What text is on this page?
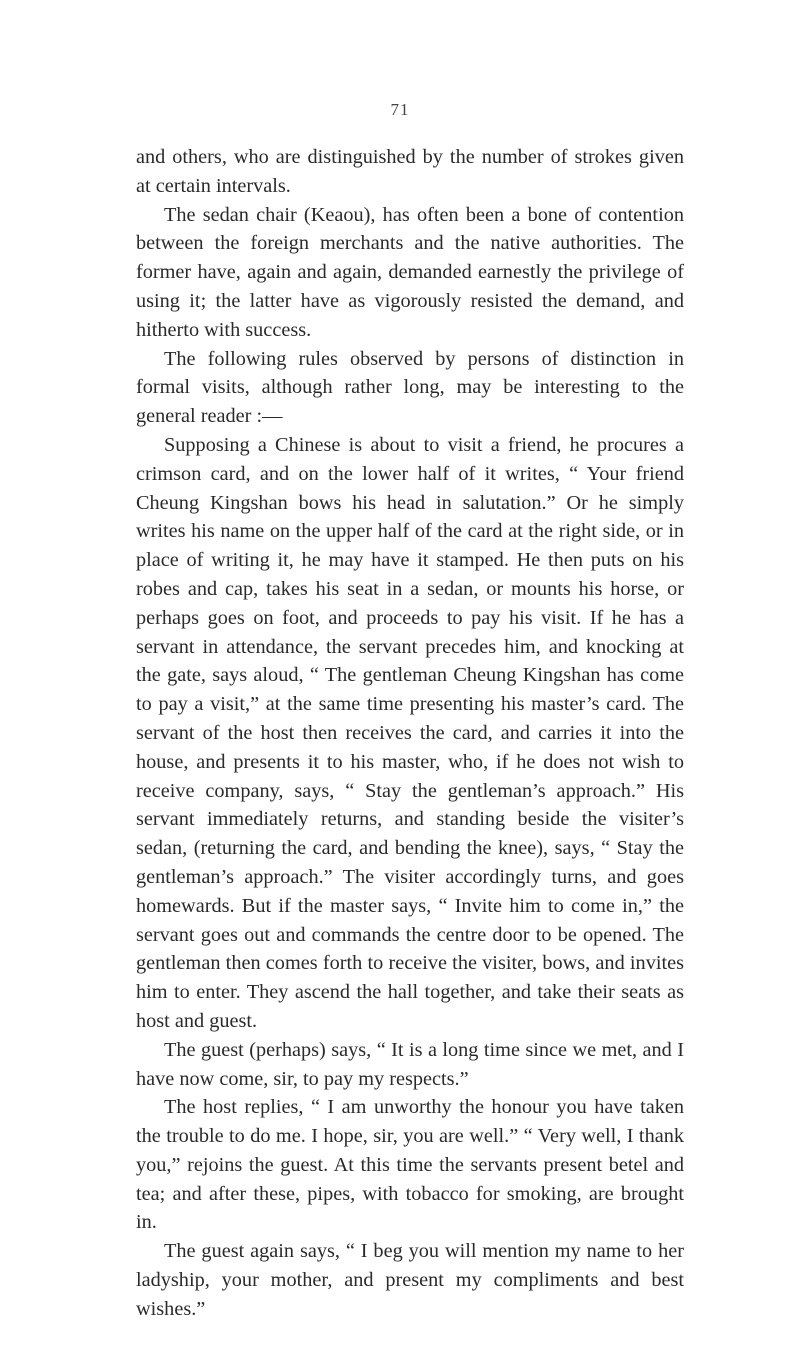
71

and others, who are distinguished by the number of strokes given at certain intervals.

The sedan chair (Keaou), has often been a bone of contention between the foreign merchants and the native authorities. The former have, again and again, demanded earnestly the privilege of using it; the latter have as vigorously resisted the demand, and hitherto with success.

The following rules observed by persons of distinction in formal visits, although rather long, may be interesting to the general reader :—

Supposing a Chinese is about to visit a friend, he procures a crimson card, and on the lower half of it writes, “ Your friend Cheung Kingshan bows his head in salutation.” Or he simply writes his name on the upper half of the card at the right side, or in place of writing it, he may have it stamped. He then puts on his robes and cap, takes his seat in a sedan, or mounts his horse, or perhaps goes on foot, and proceeds to pay his visit. If he has a servant in attendance, the servant precedes him, and knocking at the gate, says aloud, “ The gentleman Cheung Kingshan has come to pay a visit,” at the same time presenting his master’s card. The servant of the host then receives the card, and carries it into the house, and presents it to his master, who, if he does not wish to receive company, says, “ Stay the gentleman’s approach.” His servant immediately returns, and standing beside the visiter’s sedan, (returning the card, and bending the knee), says, “ Stay the gentleman’s approach.” The visiter accordingly turns, and goes homewards. But if the master says, “ Invite him to come in,” the servant goes out and commands the centre door to be opened. The gentleman then comes forth to receive the visiter, bows, and invites him to enter. They ascend the hall together, and take their seats as host and guest.

The guest (perhaps) says, “ It is a long time since we met, and I have now come, sir, to pay my respects.”

The host replies, “ I am unworthy the honour you have taken the trouble to do me. I hope, sir, you are well.” “ Very well, I thank you,” rejoins the guest. At this time the servants present betel and tea; and after these, pipes, with tobacco for smoking, are brought in.

The guest again says, “ I beg you will mention my name to her ladyship, your mother, and present my compliments and best wishes.”
